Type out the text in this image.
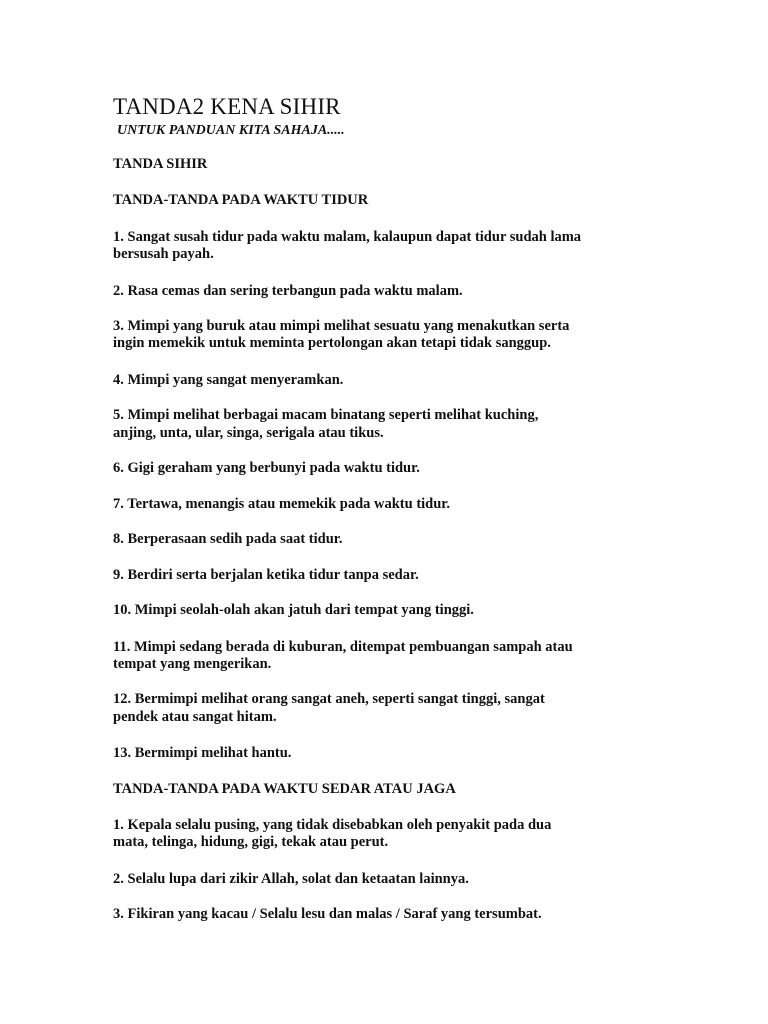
TANDA2 KENA SIHIR
UNTUK PANDUAN KITA SAHAJA.....
TANDA SIHIR
TANDA-TANDA PADA WAKTU TIDUR
1. Sangat susah tidur pada waktu malam, kalaupun dapat tidur sudah lama
bersusah payah.
2. Rasa cemas dan sering terbangun pada waktu malam.
3. Mimpi yang buruk atau mimpi melihat sesuatu yang menakutkan serta
ingin memekik untuk meminta pertolongan akan tetapi tidak sanggup.
4. Mimpi yang sangat menyeramkan.
5. Mimpi melihat berbagai macam binatang seperti melihat kuching,
anjing, unta, ular, singa, serigala atau tikus.
6. Gigi geraham yang berbunyi pada waktu tidur.
7. Tertawa, menangis atau memekik pada waktu tidur.
8. Berperasaan sedih pada saat tidur.
9. Berdiri serta berjalan ketika tidur tanpa sedar.
10. Mimpi seolah-olah akan jatuh dari tempat yang tinggi.
11. Mimpi sedang berada di kuburan, ditempat pembuangan sampah atau
tempat yang mengerikan.
12. Bermimpi melihat orang sangat aneh, seperti sangat tinggi, sangat
pendek atau sangat hitam.
13. Bermimpi melihat hantu.
TANDA-TANDA PADA WAKTU SEDAR ATAU JAGA
1. Kepala selalu pusing, yang tidak disebabkan oleh penyakit pada dua
mata, telinga, hidung, gigi, tekak atau perut.
2. Selalu lupa dari zikir Allah, solat dan ketaatan lainnya.
3. Fikiran yang kacau / Selalu lesu dan malas / Saraf yang tersumbat.
